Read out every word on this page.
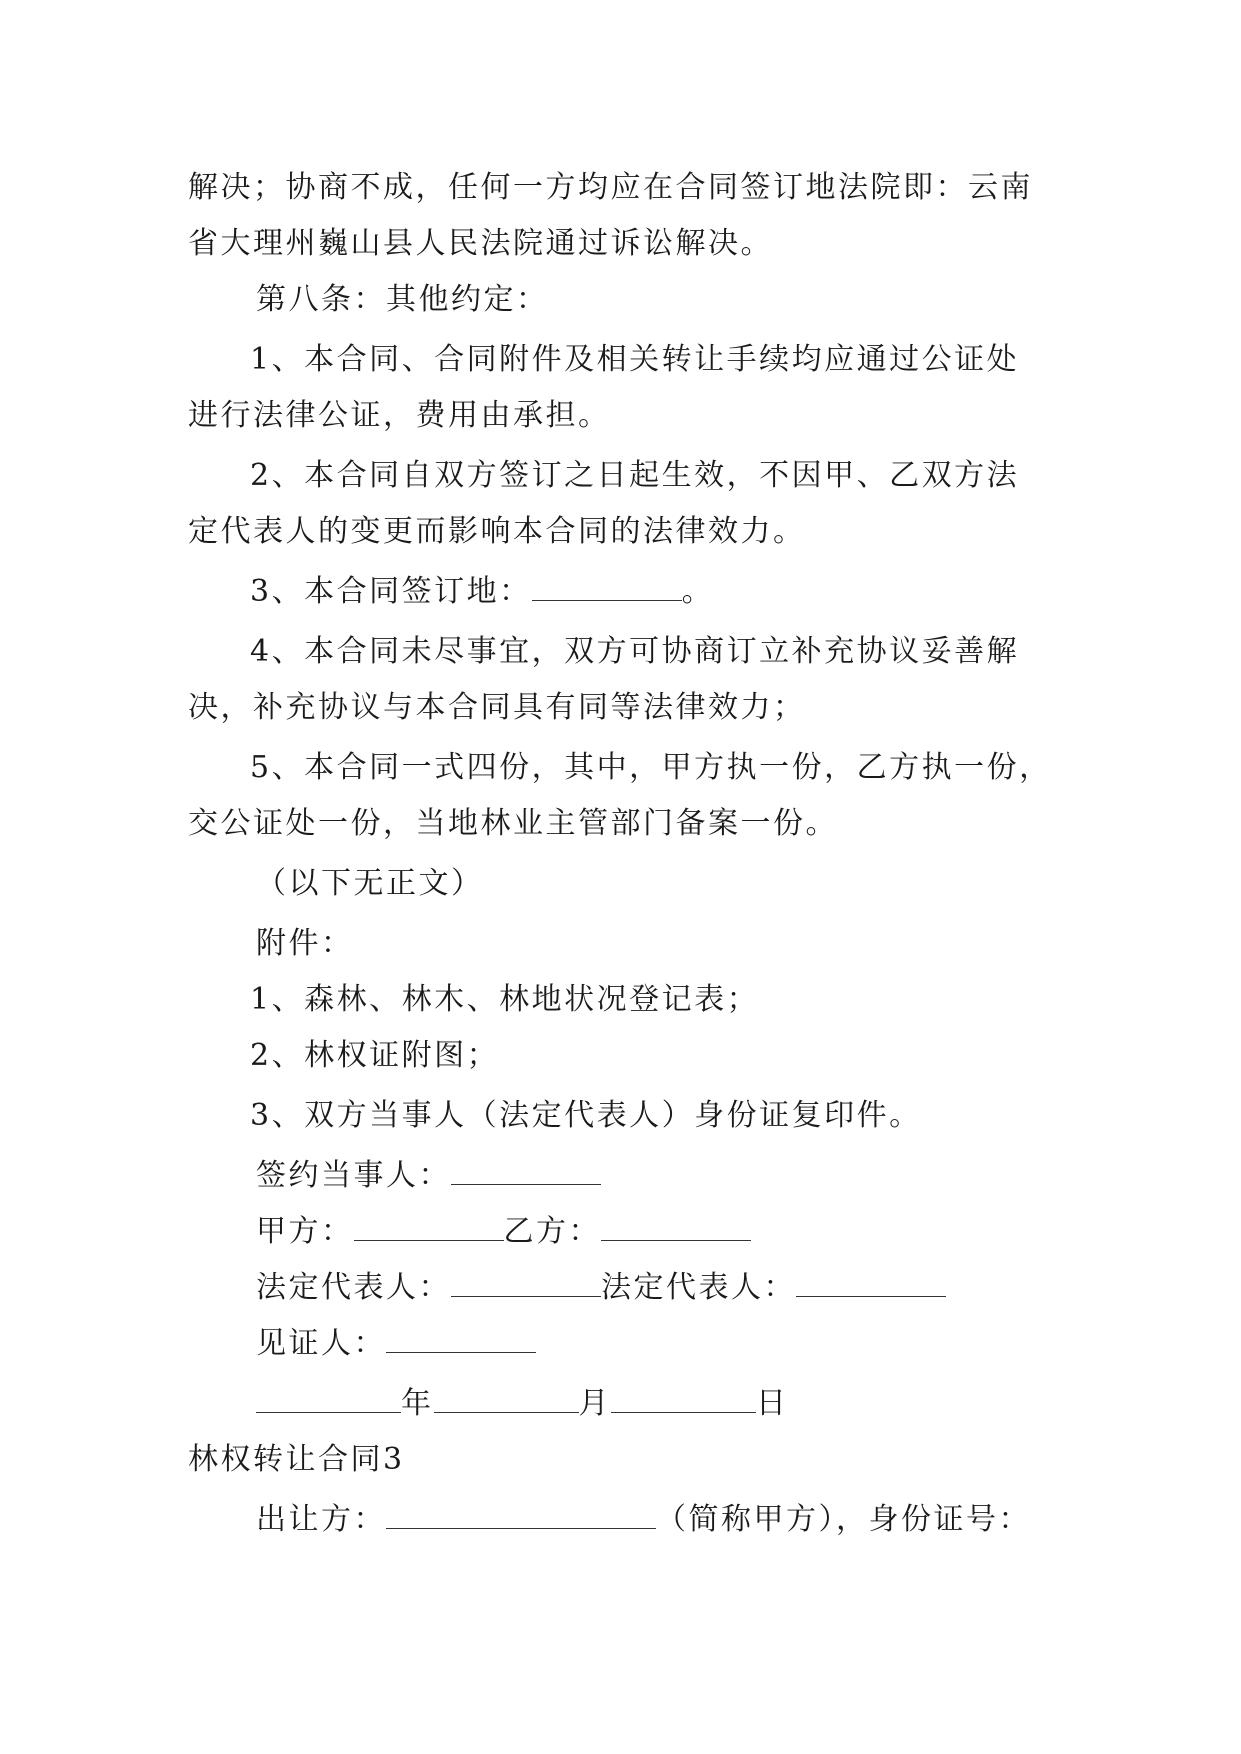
解决；协商不成，任何一方均应在合同签订地法院即：云南
省大理州巍山县人民法院通过诉讼解决。
第八条：其他约定：
1、本合同、合同附件及相关转让手续均应通过公证处
进行法律公证，费用由承担。
2、本合同自双方签订之日起生效，不因甲、乙双方法
定代表人的变更而影响本合同的法律效力。
3、本合同签订地：	。
4、本合同未尽事宜，双方可协商订立补充协议妥善解
决，补充协议与本合同具有同等法律效力；
5、本合同一式四份，其中，甲方执一份，乙方执一份，
交公证处一份，当地林业主管部门备案一份。
（以下无正文）
附件：
1、森林、林木、林地状况登记表；
2、林权证附图；
3、双方当事人（法定代表人）身份证复印件。
签约当事人：
甲方：	乙方：
法定代表人：	法定代表人：
见证人：
年	月	日
林权转让合同3
出让方：	（简称甲方），身份证号：
